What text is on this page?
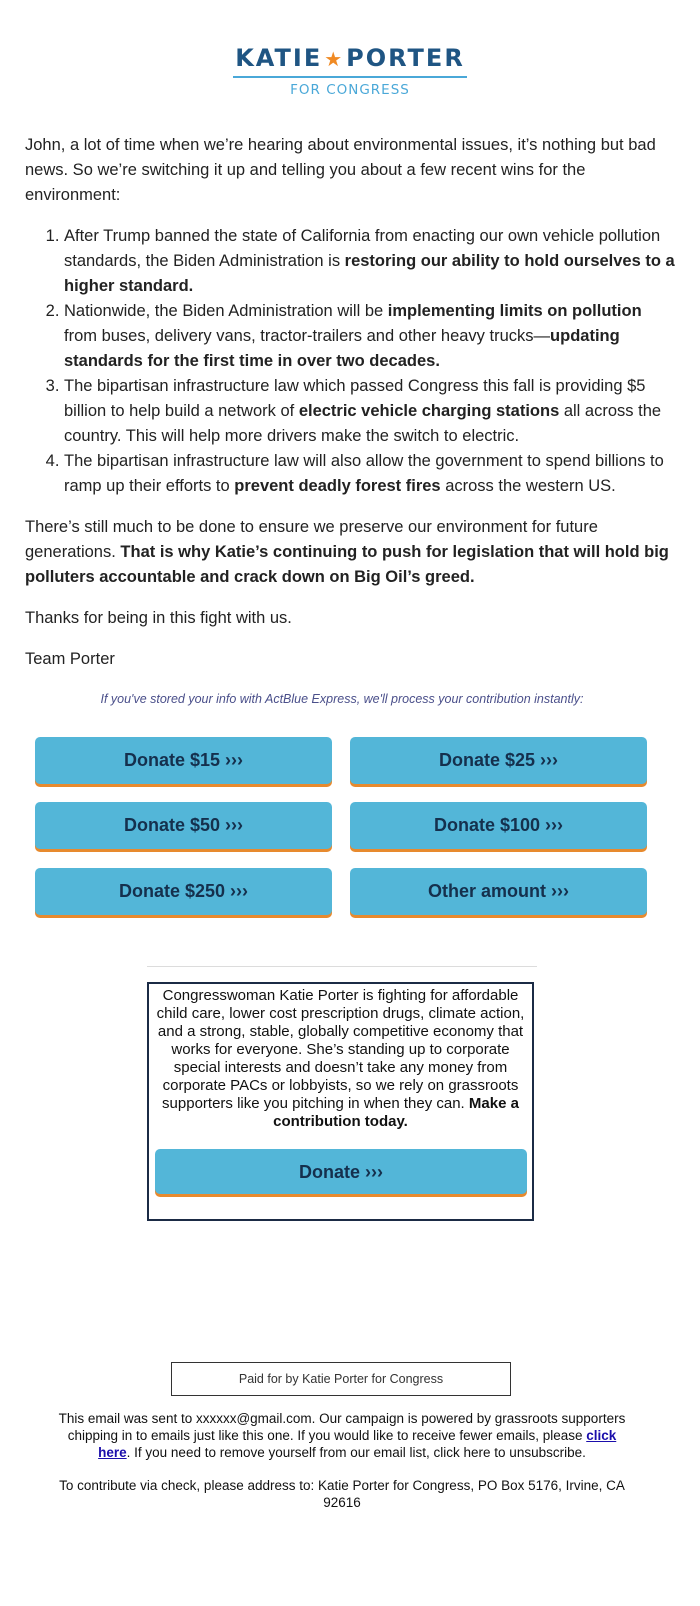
KATIE ★PORTER
FOR CONGRESS

John, a lot of time when we’re hearing about environmental issues, it’s nothing but bad news. So we’re switching it up and telling you about a few recent wins for the environment:

1. After Trump banned the state of California from enacting our own vehicle pollution standards, the Biden Administration is restoring our ability to hold ourselves to a higher standard.
2. Nationwide, the Biden Administration will be implementing limits on pollution from buses, delivery vans, tractor-trailers and other heavy trucks—updating standards for the first time in over two decades.
3. The bipartisan infrastructure law which passed Congress this fall is providing $5 billion to help build a network of electric vehicle charging stations all across the country. This will help more drivers make the switch to electric.
4. The bipartisan infrastructure law will also allow the government to spend billions to ramp up their efforts to prevent deadly forest fires across the western US.

There’s still much to be done to ensure we preserve our environment for future generations. That is why Katie’s continuing to push for legislation that will hold big polluters accountable and crack down on Big Oil’s greed.

Thanks for being in this fight with us.

Team Porter

If you've stored your info with ActBlue Express, we'll process your contribution instantly:
Donate $15 ›››	Donate $25 ›››
Donate $50 ›››	Donate $100 ›››
Donate $250 ›››	Other amount ›››
Congresswoman Katie Porter is fighting for affordable child care, lower cost prescription drugs, climate action, and a strong, stable, globally competitive economy that works for everyone. She’s standing up to corporate special interests and doesn’t take any money from corporate PACs or lobbyists, so we rely on grassroots supporters like you pitching in when they can. Make a contribution today.
Donate ›››
Paid for by Katie Porter for Congress

This email was sent to xxxxxx@gmail.com. Our campaign is powered by grassroots supporters chipping in to emails just like this one. If you would like to receive fewer emails, please click here. If you need to remove yourself from our email list, click here to unsubscribe.

To contribute via check, please address to: Katie Porter for Congress, PO Box 5176, Irvine, CA 92616
